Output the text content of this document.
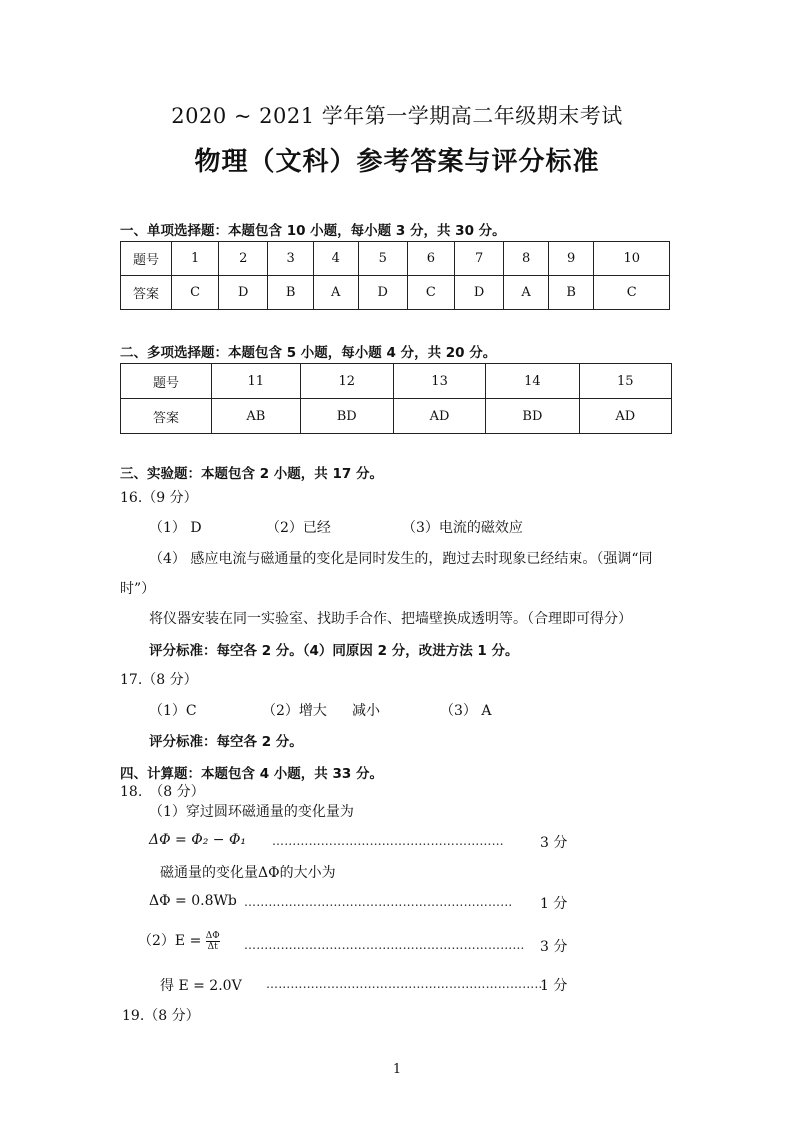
2020 ~ 2021 学年第一学期高二年级期末考试
物理（文科）参考答案与评分标准
一、单项选择题：本题包含 10 小题，每小题 3 分，共 30 分。
题号	1	2	3	4	5	6	7	8	9	10
答案	C	D	B	A	D	C	D	A	B	C
二、多项选择题：本题包含 5 小题，每小题 4 分，共 20 分。
题号	11	12	13	14	15
答案	AB	BD	AD	BD	AD
三、实验题：本题包含 2 小题，共 17 分。
16.（9 分）
（1） D	（2）已经	（3）电流的磁效应
（4） 感应电流与磁通量的变化是同时发生的，跑过去时现象已经结束。（强调“同
时”）
将仪器安装在同一实验室、找助手合作、把墙壁换成透明等。（合理即可得分）
评分标准：每空各 2 分。（4）同原因 2 分，改进方法 1 分。
17.（8 分）
（1）C	（2）增大 减小	（3） A
评分标准：每空各 2 分。
四、计算题：本题包含 4 小题，共 33 分。
18.　（8 分）
（1）穿过圆环磁通量的变化量为
ΔΦ = Φ₂ − Φ₁ …………………………………………………	3 分
磁通量的变化量ΔΦ的大小为
ΔΦ = 0.8Wb ………………………………………………………… 1 分
$(2)E = \frac{\Delta\Phi}{\Delta t}$ …………………………………………………………… 3 分
得 E = 2.0V ……………………………………………………………
1 分
19.（8 分）
1
